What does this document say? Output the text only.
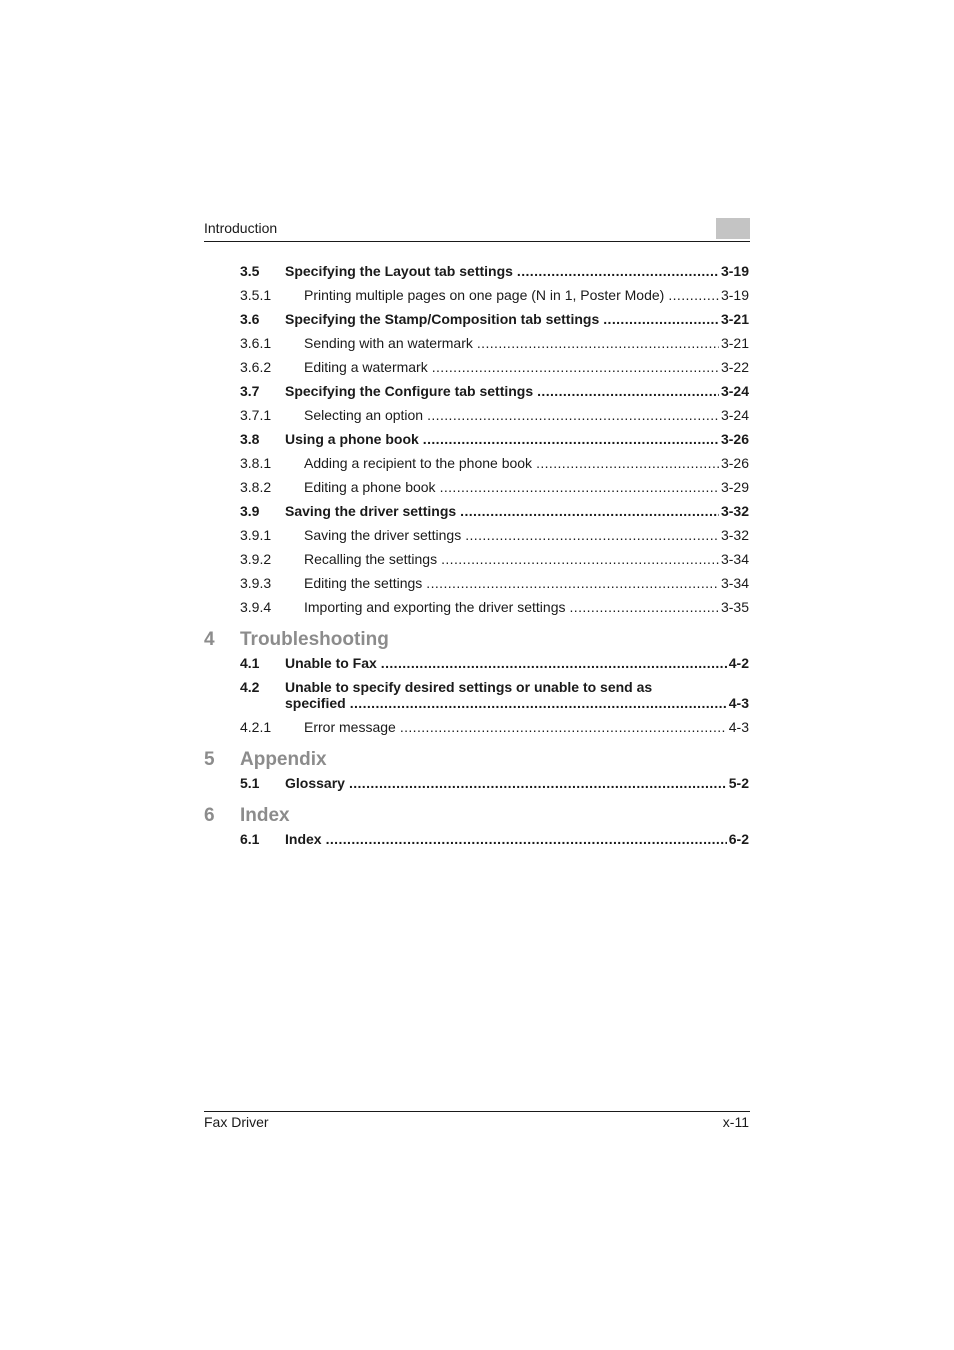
Introduction
3.5 Specifying the Layout tab settings .....	3-19
3.5.1 Printing multiple pages on one page (N in 1, Poster Mode) .....	3-19
3.6 Specifying the Stamp/Composition tab settings .....	3-21
3.6.1 Sending with an watermark .....	3-21
3.6.2 Editing a watermark .....	3-22
3.7 Specifying the Configure tab settings .....	3-24
3.7.1 Selecting an option .....	3-24
3.8 Using a phone book .....	3-26
3.8.1 Adding a recipient to the phone book .....	3-26
3.8.2 Editing a phone book .....	3-29
3.9 Saving the driver settings .....	3-32
3.9.1 Saving the driver settings .....	3-32
3.9.2 Recalling the settings .....	3-34
3.9.3 Editing the settings .....	3-34
3.9.4 Importing and exporting the driver settings .....	3-35
4 Troubleshooting
4.1 Unable to Fax .....	4-2
4.2 Unable to specify desired settings or unable to send as
specified .....	4-3
4.2.1 Error message .....	4-3
5 Appendix
5.1 Glossary .....	5-2
6 Index
6.1 Index .....	6-2
Fax Driver	x-11
